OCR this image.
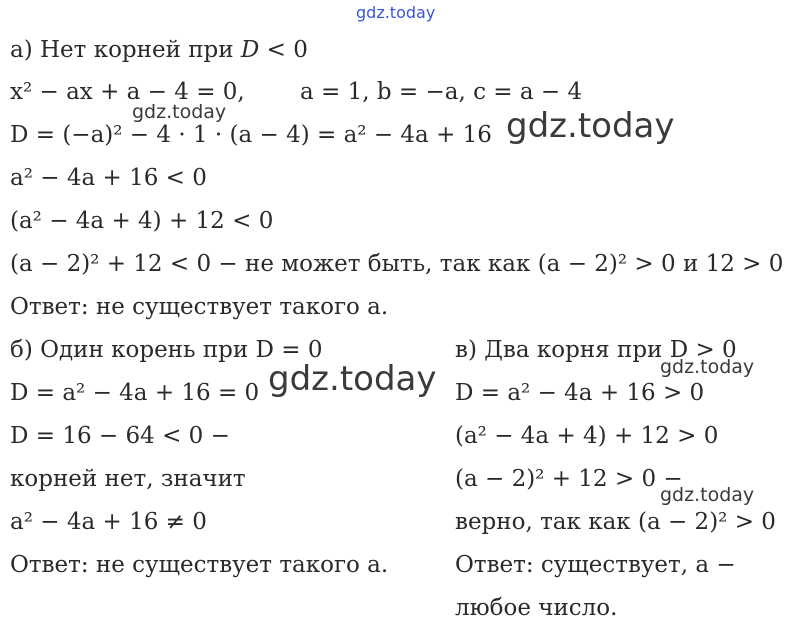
gdz.today
gdz.today	gdz.today
gdz.today	gdz.today
gdz.today
а) Нет корней при D < 0
x² − ax + a − 4 = 0, a = 1, b = −a, c = a − 4
D = (−a)² − 4 · 1 · (a − 4) = a² − 4a + 16
a² − 4a + 16 < 0
(a² − 4a + 4) + 12 < 0
(a − 2)² + 12 < 0 − не может быть, так как (a − 2)² > 0 и 12 > 0
Ответ: не существует такого a.
б) Один корень при D = 0
D = a² − 4a + 16 = 0
D = 16 − 64 < 0 −
корней нет, значит
a² − 4a + 16 ≠ 0
Ответ: не существует такого a.
в) Два корня при D > 0
D = a² − 4a + 16 > 0
(a² − 4a + 4) + 12 > 0
(a − 2)² + 12 > 0 −
верно, так как (a − 2)² > 0
Ответ: существует, a −
любое число.
